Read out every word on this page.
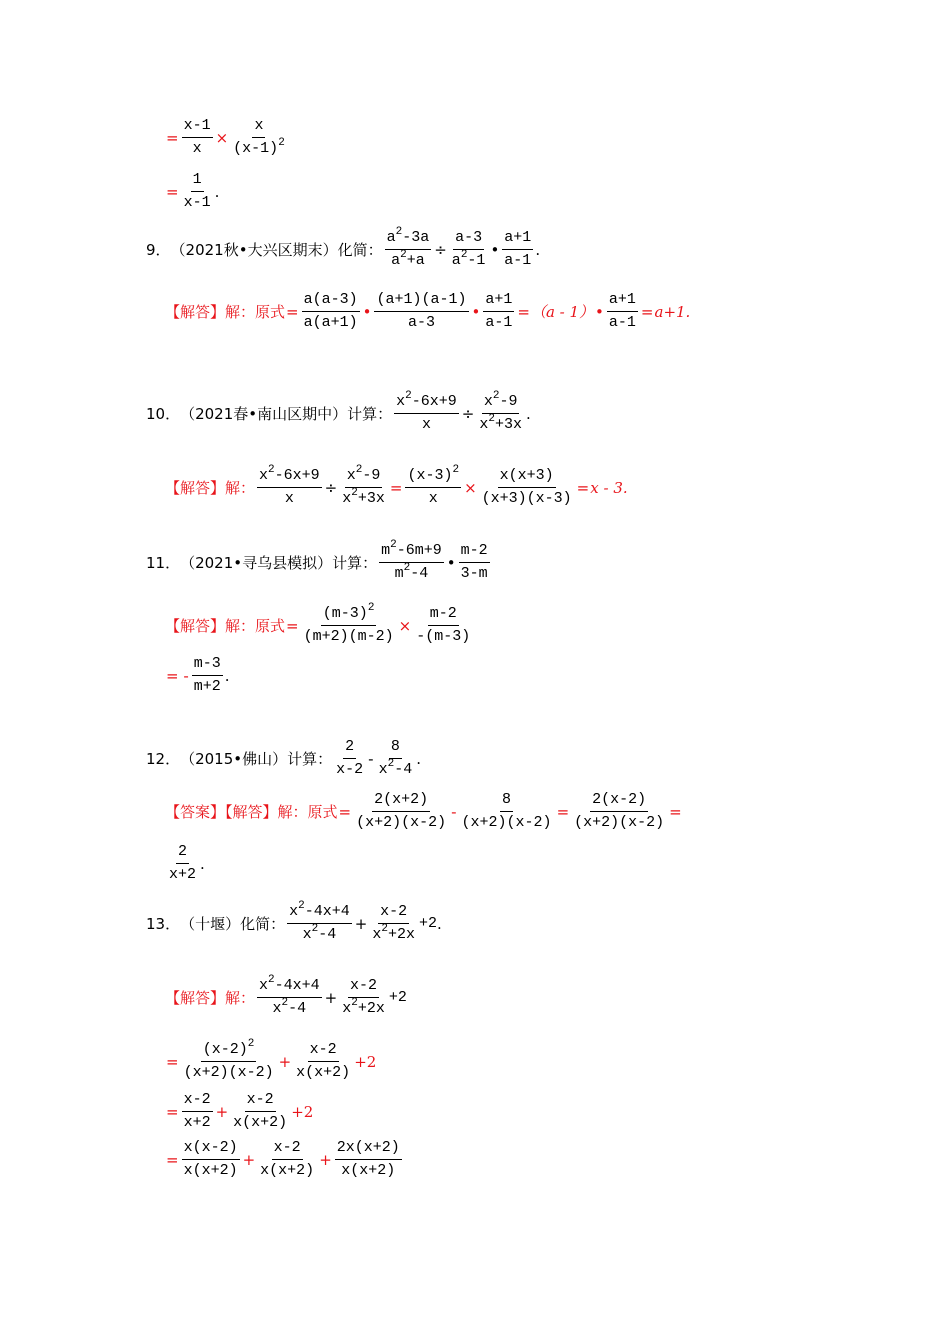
= $\frac{x-1}{x} \times \frac{x}{(x-1)^2}$
= $\frac{1}{x-1}$ .
9． （2021秋•大兴区期末）化简： $\frac{a^2-3a}{a^2+a} \div \frac{a-3}{a^2-1}$ • $\frac{a+1}{a-1}$ .
【解答】解： 原式 = $\frac{a(a-3)}{a(a+1)}$ • $\frac{(a+1)(a-1)}{a-3}$ • $\frac{a+1}{a-1} = (a - 1)$ • $\frac{a+1}{a-1} = a+1$.
10． （2021春•南山区期中）计算： $\frac{x^2-6x+9}{x} \div \frac{x^2-9}{x^2+3x}$ .
【解答】解： $\frac{x^2-6x+9}{x} \div \frac{x^2-9}{x^2+3x} = \frac{(x-3)^2}{x} \times \frac{x(x+3)}{(x+3)(x-3)} = x - 3$.
11． （2021•寻乌县模拟）计算： $\frac{m^2-6m+9}{m^2-4}$ • $\frac{m-2}{3-m}$
【解答】解： 原式 = $\frac{(m-3)^2}{(m+2)(m-2)} \times \frac{m-2}{-(m-3)}$
= - $\frac{m-3}{m+2}$ .
12． （2015•佛山）计算： $\frac{2}{x-2} - \frac{8}{x^2-4}$ .
【答案】【解答】解： 原式 = $\frac{2(x+2)}{(x+2)(x-2)} - \frac{8}{(x+2)(x-2)} = \frac{2(x-2)}{(x+2)(x-2)}$ =
$\frac{2}{x+2}$ .
13． （十堰）化简： $\frac{x^2-4x+4}{x^2-4} + \frac{x-2}{x^2+2x} +2$ .
【解答】解： $\frac{x^2-4x+4}{x^2-4} + \frac{x-2}{x^2+2x} +2$
= $\frac{(x-2)^2}{(x+2)(x-2)} + \frac{x-2}{x(x+2)} +2$
= $\frac{x-2}{x+2} + \frac{x-2}{x(x+2)} +2$
= $\frac{x(x-2)}{x(x+2)} + \frac{x-2}{x(x+2)} + \frac{2x(x+2)}{x(x+2)}$
